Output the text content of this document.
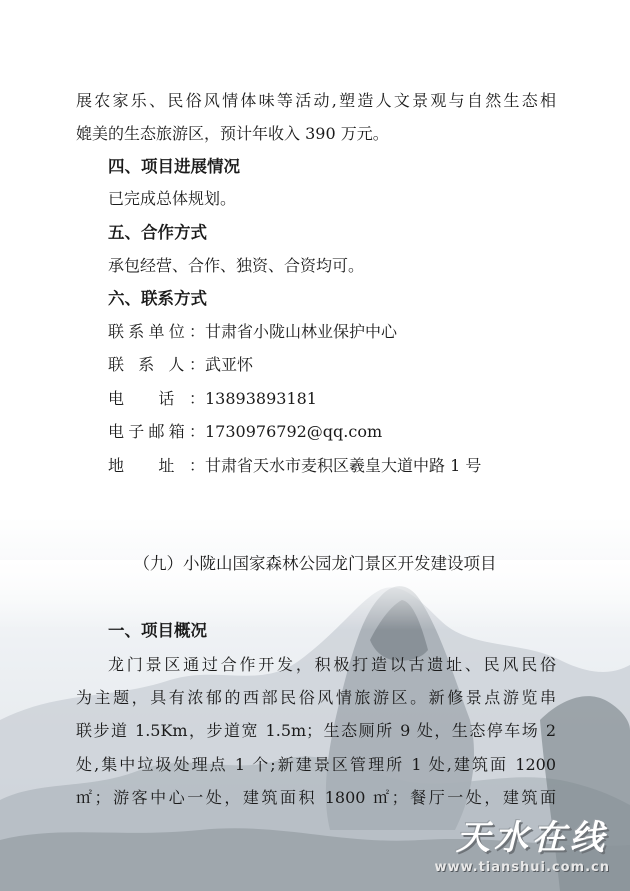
展农家乐、民俗风情体味等活动,塑造人文景观与自然生态相
媲美的生态旅游区，预计年收入 390 万元。
四、项目进展情况
已完成总体规划。
五、合作方式
承包经营、合作、独资、合资均可。
六、联系方式
联系单位：甘肃省小陇山林业保护中心
联 系 人：武亚怀
电 话：13893893181
电子邮箱：1730976792@qq.com
地 址：甘肃省天水市麦积区羲皇大道中路 1 号
（九）小陇山国家森林公园龙门景区开发建设项目
一、项目概况
龙门景区通过合作开发，积极打造以古遗址、民风民俗
为主题，具有浓郁的西部民俗风情旅游区。新修景点游览串
联步道 1.5Km，步道宽 1.5m；生态厕所 9 处，生态停车场 2
处,集中垃圾处理点 1 个;新建景区管理所 1 处,建筑面 1200
㎡；游客中心一处，建筑面积 1800 ㎡；餐厅一处，建筑面
天水在线
www.tianshui.com.cn
